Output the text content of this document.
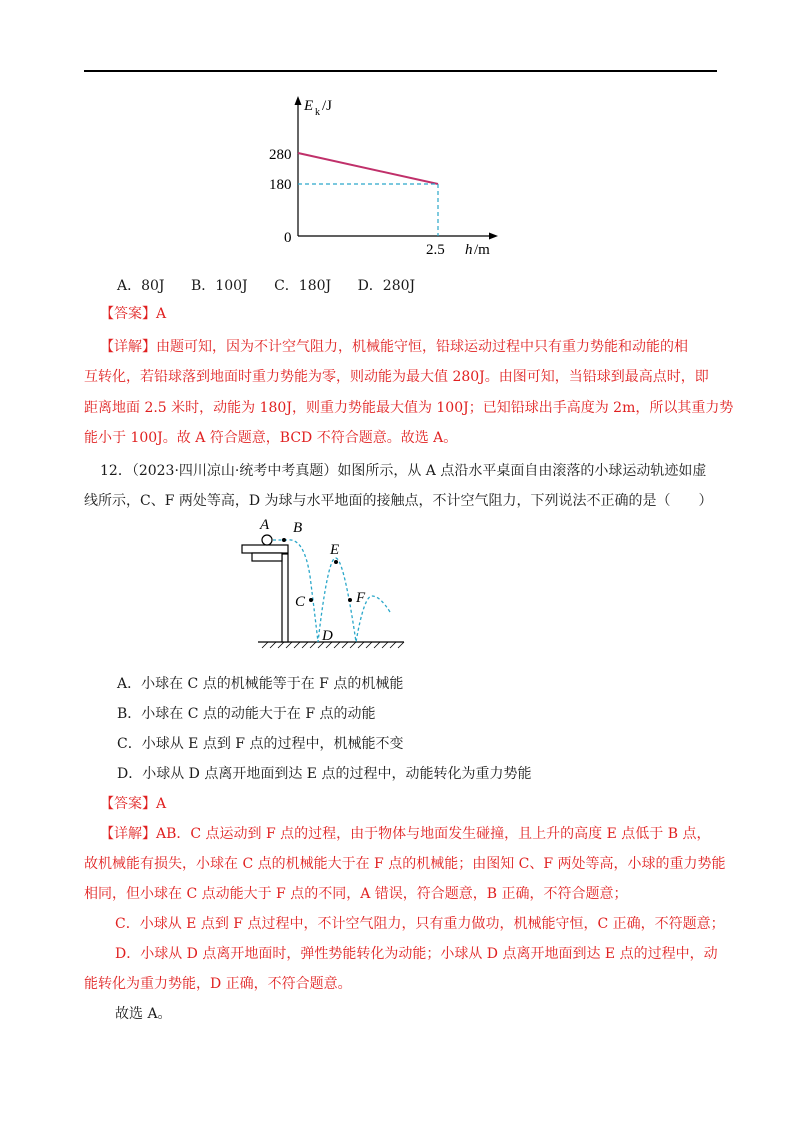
E k /J
280
180
0
2.5 h /m
A．80J B．100J C．180J D．280J
【答案】A
【详解】由题可知，因为不计空气阻力，机械能守恒，铅球运动过程中只有重力势能和动能的相
互转化，若铅球落到地面时重力势能为零，则动能为最大值 280J。由图可知，当铅球到最高点时，即
距离地面 2.5 米时，动能为 180J，则重力势能最大值为 100J；已知铅球出手高度为 2m，所以其重力势
能小于 100J。故 A 符合题意，BCD 不符合题意。故选 A。
12．（2023·四川凉山·统考中考真题）如图所示，从 A 点沿水平桌面自由滚落的小球运动轨迹如虚
线所示，C、F 两处等高，D 为球与水平地面的接触点，不计空气阻力，下列说法不正确的是（　　）
A B
C
E
F
D
A．小球在 C 点的机械能等于在 F 点的机械能
B．小球在 C 点的动能大于在 F 点的动能
C．小球从 E 点到 F 点的过程中，机械能不变
D．小球从 D 点离开地面到达 E 点的过程中，动能转化为重力势能
【答案】A
【详解】AB．C 点运动到 F 点的过程，由于物体与地面发生碰撞，且上升的高度 E 点低于 B 点，
故机械能有损失，小球在 C 点的机械能大于在 F 点的机械能；由图知 C、F 两处等高，小球的重力势能
相同，但小球在 C 点动能大于 F 点的不同，A 错误，符合题意，B 正确，不符合题意；
C．小球从 E 点到 F 点过程中，不计空气阻力，只有重力做功，机械能守恒，C 正确，不符题意；
D．小球从 D 点离开地面时，弹性势能转化为动能；小球从 D 点离开地面到达 E 点的过程中，动
能转化为重力势能，D 正确，不符合题意。
故选 A。
